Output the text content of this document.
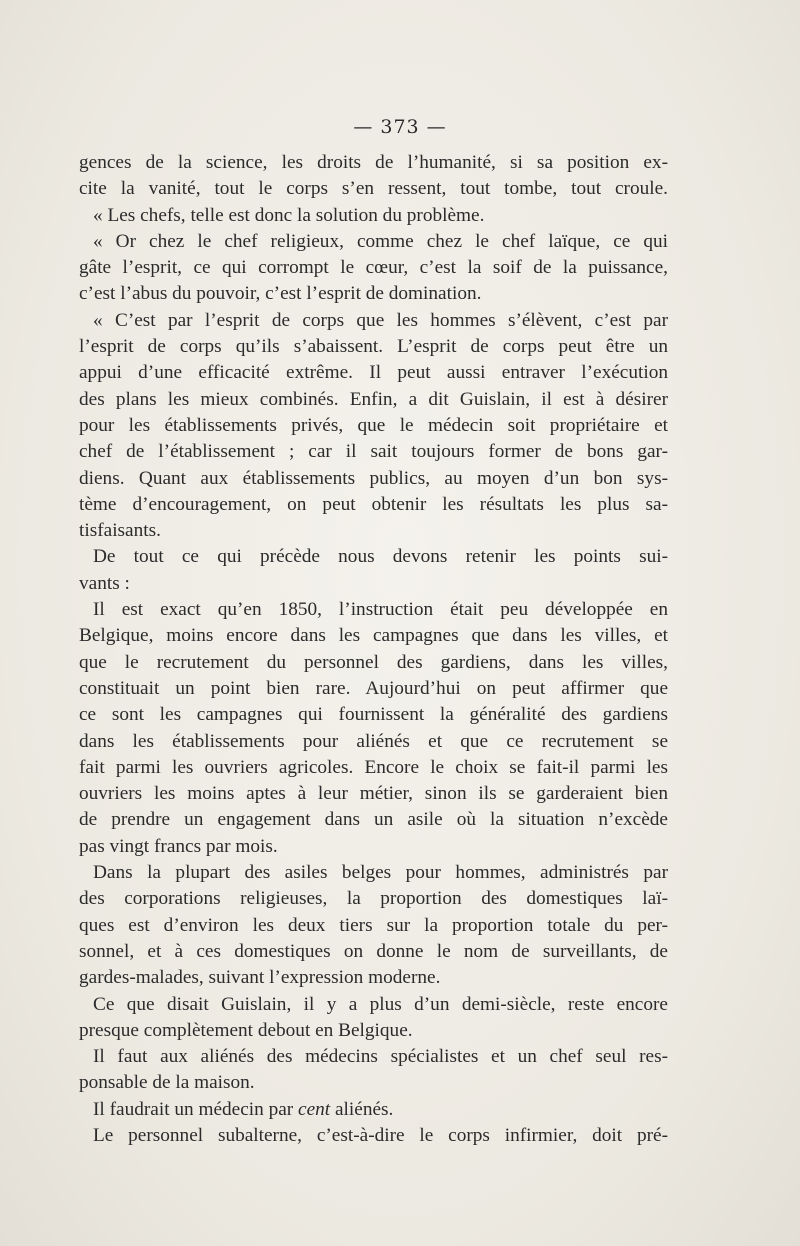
— 373 —
gences de la science, les droits de l’humanité, si sa position ex-
cite la vanité, tout le corps s’en ressent, tout tombe, tout croule.
« Les chefs, telle est donc la solution du problème.
« Or chez le chef religieux, comme chez le chef laïque, ce qui
gâte l’esprit, ce qui corrompt le cœur, c’est la soif de la puissance,
c’est l’abus du pouvoir, c’est l’esprit de domination.
« C’est par l’esprit de corps que les hommes s’élèvent, c’est par
l’esprit de corps qu’ils s’abaissent. L’esprit de corps peut être un
appui d’une efficacité extrême. Il peut aussi entraver l’exécution
des plans les mieux combinés. Enfin, a dit Guislain, il est à désirer
pour les établissements privés, que le médecin soit propriétaire et
chef de l’établissement ; car il sait toujours former de bons gar-
diens. Quant aux établissements publics, au moyen d’un bon sys-
tème d’encouragement, on peut obtenir les résultats les plus sa-
tisfaisants.
De tout ce qui précède nous devons retenir les points sui-
vants :
Il est exact qu’en 1850, l’instruction était peu développée en
Belgique, moins encore dans les campagnes que dans les villes, et
que le recrutement du personnel des gardiens, dans les villes,
constituait un point bien rare. Aujourd’hui on peut affirmer que
ce sont les campagnes qui fournissent la généralité des gardiens
dans les établissements pour aliénés et que ce recrutement se
fait parmi les ouvriers agricoles. Encore le choix se fait-il parmi les
ouvriers les moins aptes à leur métier, sinon ils se garderaient bien
de prendre un engagement dans un asile où la situation n’excède
pas vingt francs par mois.
Dans la plupart des asiles belges pour hommes, administrés par
des corporations religieuses, la proportion des domestiques laï-
ques est d’environ les deux tiers sur la proportion totale du per-
sonnel, et à ces domestiques on donne le nom de surveillants, de
gardes-malades, suivant l’expression moderne.
Ce que disait Guislain, il y a plus d’un demi-siècle, reste encore
presque complètement debout en Belgique.
Il faut aux aliénés des médecins spécialistes et un chef seul res-
ponsable de la maison.
Il faudrait un médecin par cent aliénés.
Le personnel subalterne, c’est-à-dire le corps infirmier, doit pré-
